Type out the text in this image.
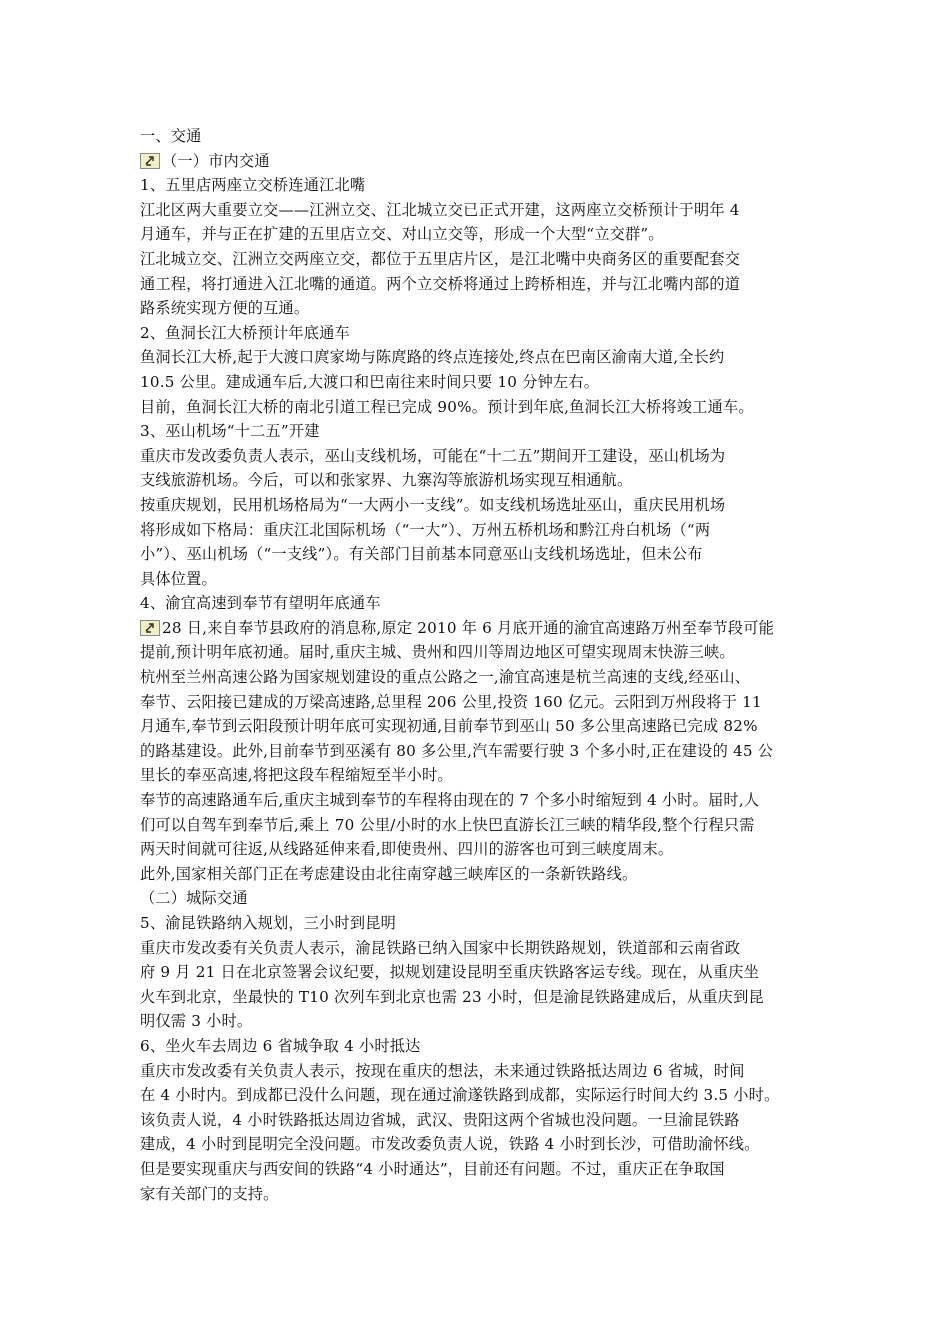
一、交通
（一）市内交通
1、五里店两座立交桥连通江北嘴
江北区两大重要立交——江洲立交、江北城立交已正式开建，这两座立交桥预计于明年 4
月通车，并与正在扩建的五里店立交、对山立交等，形成一个大型“立交群”。
江北城立交、江洲立交两座立交，都位于五里店片区，是江北嘴中央商务区的重要配套交
通工程，将打通进入江北嘴的通道。两个立交桥将通过上跨桥相连，并与江北嘴内部的道
路系统实现方便的互通。
2、鱼洞长江大桥预计年底通车
鱼洞长江大桥,起于大渡口庹家坳与陈庹路的终点连接处,终点在巴南区渝南大道,全长约
10.5 公里。建成通车后,大渡口和巴南往来时间只要 10 分钟左右。
目前，鱼洞长江大桥的南北引道工程已完成 90%。预计到年底,鱼洞长江大桥将竣工通车。
3、巫山机场“十二五”开建
重庆市发改委负责人表示，巫山支线机场，可能在“十二五”期间开工建设，巫山机场为
支线旅游机场。今后，可以和张家界、九寨沟等旅游机场实现互相通航。
按重庆规划，民用机场格局为“一大两小一支线”。如支线机场选址巫山，重庆民用机场
将形成如下格局：重庆江北国际机场（“一大”）、万州五桥机场和黔江舟白机场（“两
小”）、巫山机场（“一支线”）。有关部门目前基本同意巫山支线机场选址，但未公布
具体位置。
4、渝宜高速到奉节有望明年底通车
28 日,来自奉节县政府的消息称,原定 2010 年 6 月底开通的渝宜高速路万州至奉节段可能
提前,预计明年底初通。届时,重庆主城、贵州和四川等周边地区可望实现周末快游三峡。
杭州至兰州高速公路为国家规划建设的重点公路之一,渝宜高速是杭兰高速的支线,经巫山、
奉节、云阳接已建成的万梁高速路,总里程 206 公里,投资 160 亿元。云阳到万州段将于 11
月通车,奉节到云阳段预计明年底可实现初通,目前奉节到巫山 50 多公里高速路已完成 82%
的路基建设。此外,目前奉节到巫溪有 80 多公里,汽车需要行驶 3 个多小时,正在建设的 45 公
里长的奉巫高速,将把这段车程缩短至半小时。
奉节的高速路通车后,重庆主城到奉节的车程将由现在的 7 个多小时缩短到 4 小时。届时,人
们可以自驾车到奉节后,乘上 70 公里/小时的水上快巴直游长江三峡的精华段,整个行程只需
两天时间就可往返,从线路延伸来看,即使贵州、四川的游客也可到三峡度周末。
此外,国家相关部门正在考虑建设由北往南穿越三峡库区的一条新铁路线。
（二）城际交通
5、渝昆铁路纳入规划，三小时到昆明
重庆市发改委有关负责人表示，渝昆铁路已纳入国家中长期铁路规划，铁道部和云南省政
府 9 月 21 日在北京签署会议纪要，拟规划建设昆明至重庆铁路客运专线。现在，从重庆坐
火车到北京，坐最快的 T10 次列车到北京也需 23 小时，但是渝昆铁路建成后，从重庆到昆
明仅需 3 小时。
6、坐火车去周边 6 省城争取 4 小时抵达
重庆市发改委有关负责人表示，按现在重庆的想法，未来通过铁路抵达周边 6 省城，时间
在 4 小时内。到成都已没什么问题，现在通过渝遂铁路到成都，实际运行时间大约 3.5 小时。
该负责人说，4 小时铁路抵达周边省城，武汉、贵阳这两个省城也没问题。一旦渝昆铁路
建成，4 小时到昆明完全没问题。市发改委负责人说，铁路 4 小时到长沙，可借助渝怀线。
但是要实现重庆与西安间的铁路“4 小时通达”，目前还有问题。不过，重庆正在争取国
家有关部门的支持。
